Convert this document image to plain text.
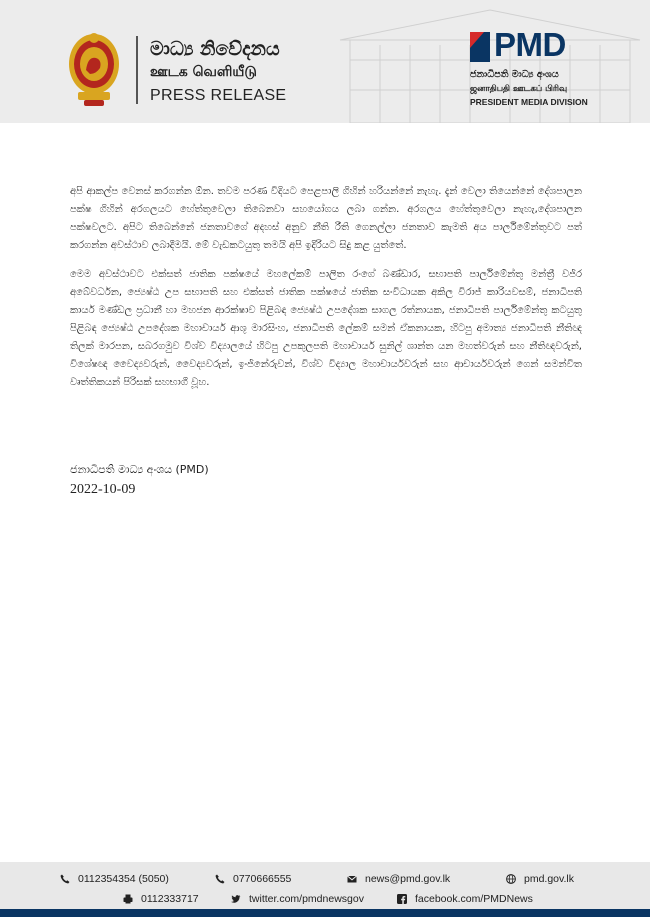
මාධ්‍ය නිවේදනය
ஊடக வெளியீடு
PRESS RELEASE
PMD
ජනාධිපති මාධ්‍ය අංශය
ஜனாதிபதி ஊடகப் பிரிவு
PRESIDENT MEDIA DIVISION

අපි ආකල්ප වෙනස් කරගන්න ඕන. තවම පරණ විදියට පෙළපාලි ගිහින් හරියන්නේ නැහැ. දැන් වෙලා තියෙන්නේ දේශපාලන පක්ෂ ගිහින් අරගලයට හේත්තුවෙලා තිබෙනවා සහයෝගය ලබා ගන්න. අරගලය හේත්තුවෙලා නැහැ,දේශපාලන පක්ෂවලට. අපිට තිබෙන්නේ ජනතාවගේ අදහස් අනුව නීති රීති ගෙනල්ලා ජනතාව කැමති අය පාර්ලිමේන්තුවට පත් කරගන්න අවස්ථාව ලබාදීමයි. මේ වැඩකටයුතු තමයි අපි ඉදිරියට සිදු කළ යුත්තේ.

මෙම අවස්ථාවට එක්සත් ජාතික පක්ෂයේ මහලේකම් පාලිත රංගේ බණ්ඩාර, සභාපති පාර්ලිමේන්තු මන්ත්‍රී වජිර අබේවර්ධන, ජ්‍යෙෂ්ඨ උප සභාපති සහ එක්සත් ජාතික පක්ෂයේ ජාතික සංවිධායක අකිල විරාජ් කාරියවසම්, ජනාධිපති කාර්ය මණ්ඩල ප්‍රධානී හා මහජන ආරක්ෂාව පිළිබඳ ජ්‍යෙෂ්ඨ උපදේශක සාගල රත්නායක, ජනාධිපති පාර්ලිමේන්තු කටයුතු පිළිබඳ ජ්‍යෙෂ්ඨ උපදේශක මහාචාර්ය ආශු මාරසිංහ, ජනාධිපති ලේකම් සමන් ඒකනායක, හිටපු අමාත්‍ය ජනාධිපති නීතිඥ තිලක් මාරපන, සබරගමුව විශ්ව විද්‍යාලයේ හිටපු උපකුලපති මහාචාර්ය සුනිල් ශාන්ත යන මහත්වරුන් සහ නීතිඥවරුන්, විශේෂඥ වෛද්‍යවරුන්, වෛද්‍යවරුන්, ඉංජිනේරුවන්, විශ්ව විද්‍යාල මහාචාර්යවරුන් සහ ආචාර්යවරුන් ගෙන් සමන්විත වෘත්තිකයන් පිරිසක් සහභාගී වූහ.

ජනාධිපති මාධ්‍ය අංශය (PMD)
2022-10-09
0112354354 (5050)	0770666555	news@pmd.gov.lk	pmd.gov.lk
0112333717	twitter.com/pmdnewsgov	facebook.com/PMDNews
